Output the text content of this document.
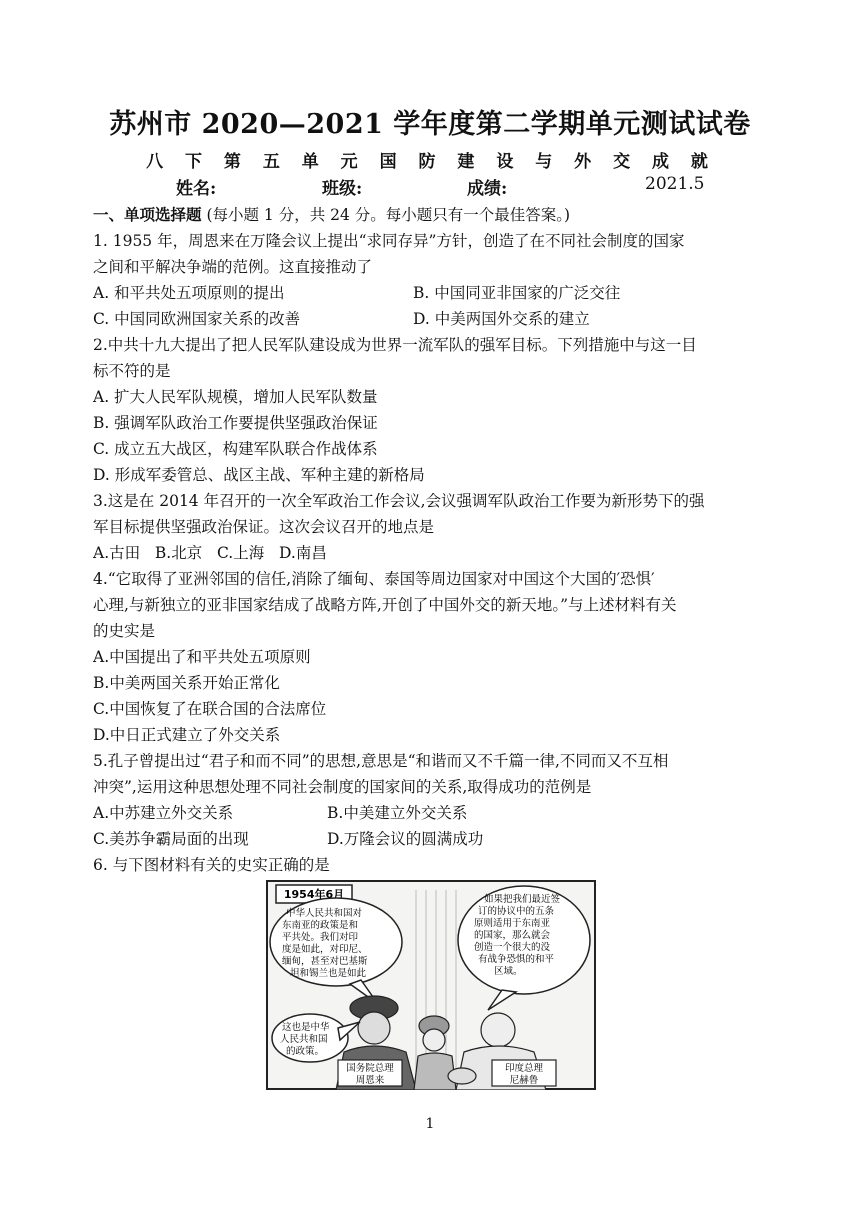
苏州市 2020—2021 学年度第二学期单元测试试卷
八 下 第 五 单 元 国 防 建 设 与 外 交 成 就
姓名:	班级:	成绩:	2021.5
一、单项选择题 (每小题 1 分，共 24 分。每小题只有一个最佳答案。)
1. 1955 年，周恩来在万隆会议上提出“求同存异”方针，创造了在不同社会制度的国家
之间和平解决争端的范例。这直接推动了
A. 和平共处五项原则的提出	B. 中国同亚非国家的广泛交往
C. 中国同欧洲国家关系的改善	D. 中美两国外交系的建立
2.中共十九大提出了把人民军队建设成为世界一流军队的强军目标。下列措施中与这一目
标不符的是
A. 扩大人民军队规模，增加人民军队数量
B. 强调军队政治工作要提供坚强政治保证
C. 成立五大战区，构建军队联合作战体系
D. 形成军委管总、战区主战、军种主建的新格局
3.这是在 2014 年召开的一次全军政治工作会议,会议强调军队政治工作要为新形势下的强
军目标提供坚强政治保证。这次会议召开的地点是
A.古田   B.北京   C.上海   D.南昌
4.“它取得了亚洲邻国的信任,消除了缅甸、泰国等周边国家对中国这个大国的′恐惧′
心理,与新独立的亚非国家结成了战略方阵,开创了中国外交的新天地。”与上述材料有关
的史实是
A.中国提出了和平共处五项原则
B.中美两国关系开始正常化
C.中国恢复了在联合国的合法席位
D.中日正式建立了外交关系
5.孔子曾提出过“君子和而不同”的思想,意思是“和谐而又不千篇一律,不同而又不互相
冲突”,运用这种思想处理不同社会制度的国家间的关系,取得成功的范例是
A.中苏建立外交关系	B.中美建立外交关系
C.美苏争霸局面的出现	D.万隆会议的圆满成功
6. 与下图材料有关的史实正确的是
1954年6月
中华人民共和国对
东南亚的政策是和
平共处。我们对印
度是如此，对印尼、
缅甸，甚至对巴基斯
坦和锡兰也是如此
如果把我们最近签
订的协议中的五条
原则适用于东南亚
的国家，那么就会
创造一个很大的没
有战争恐惧的和平
区域。
这也是中华
人民共和国
的政策。
国务院总理
周恩来
印度总理
尼赫鲁
1
